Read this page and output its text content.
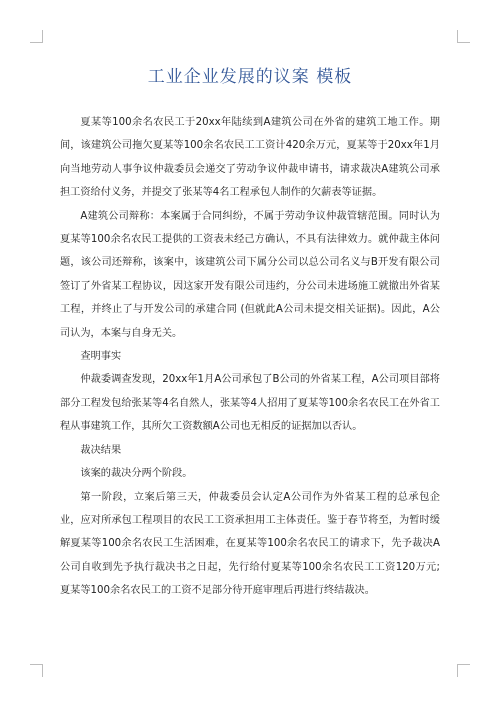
工业企业发展的议案 模板

夏某等100余名农民工于20xx年陆续到A建筑公司在外省的建筑工地工作。期间，该建筑公司拖欠夏某等100余名农民工工资计420余万元，夏某等于20xx年1月向当地劳动人事争议仲裁委员会递交了劳动争议仲裁申请书，请求裁决A建筑公司承担工资给付义务，并提交了张某等4名工程承包人制作的欠薪表等证据。

A建筑公司辩称：本案属于合同纠纷，不属于劳动争议仲裁管辖范围。同时认为夏某等100余名农民工提供的工资表未经己方确认，不具有法律效力。就仲裁主体问题，该公司还辩称，该案中，该建筑公司下属分公司以总公司名义与B开发有限公司签订了外省某工程协议，因这家开发有限公司违约，分公司未进场施工就撤出外省某工程，并终止了与开发公司的承建合同 (但就此A公司未提交相关证据)。因此，A公司认为，本案与自身无关。

查明事实

仲裁委调查发现，20xx年1月A公司承包了B公司的外省某工程，A公司项目部将部分工程发包给张某等4名自然人，张某等4人招用了夏某等100余名农民工在外省工程从事建筑工作，其所欠工资数额A公司也无相反的证据加以否认。

裁决结果

该案的裁决分两个阶段。

第一阶段，立案后第三天，仲裁委员会认定A公司作为外省某工程的总承包企业，应对所承包工程项目的农民工工资承担用工主体责任。鉴于春节将至，为暂时缓解夏某等100余名农民工生活困难，在夏某等100余名农民工的请求下，先予裁决A公司自收到先予执行裁决书之日起，先行给付夏某等100余名农民工工资120万元; 夏某等100余名农民工的工资不足部分待开庭审理后再进行终结裁决。
